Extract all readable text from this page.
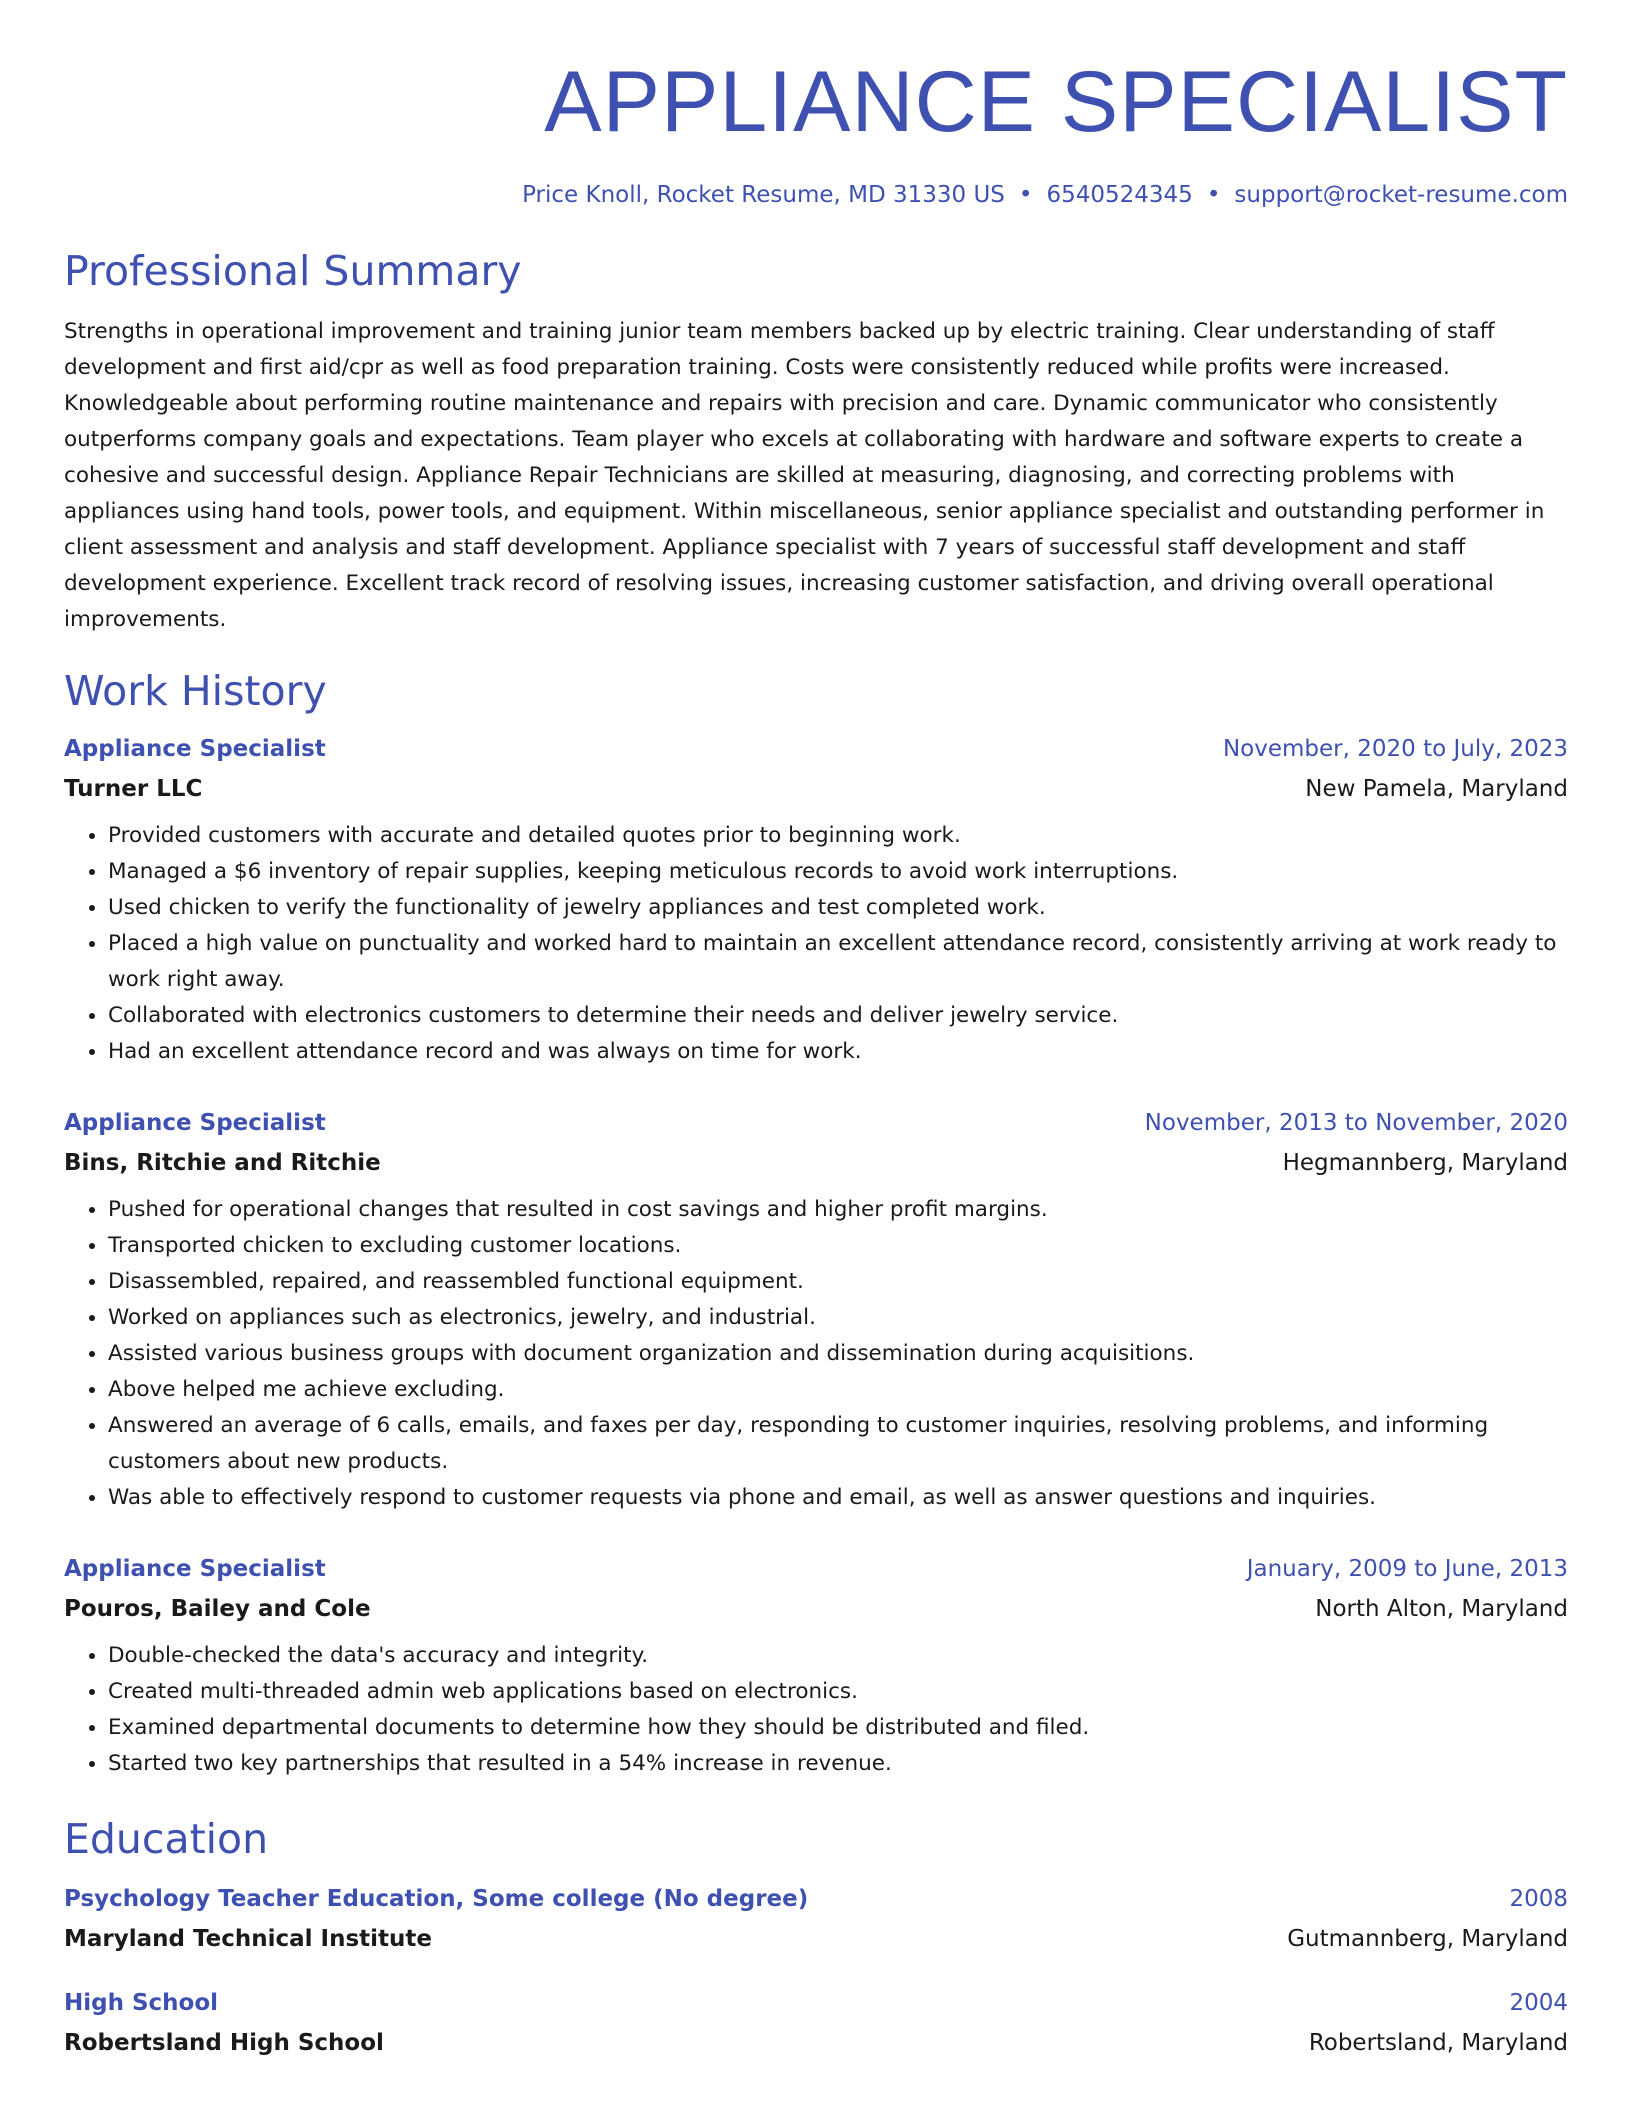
APPLIANCE SPECIALIST
Price Knoll, Rocket Resume, MD 31330 US • 6540524345 • support@rocket-resume.com
Professional Summary

Strengths in operational improvement and training junior team members backed up by electric training. Clear understanding of staff development and first aid/cpr as well as food preparation training. Costs were consistently reduced while profits were increased. Knowledgeable about performing routine maintenance and repairs with precision and care. Dynamic communicator who consistently outperforms company goals and expectations. Team player who excels at collaborating with hardware and software experts to create a cohesive and successful design. Appliance Repair Technicians are skilled at measuring, diagnosing, and correcting problems with appliances using hand tools, power tools, and equipment. Within miscellaneous, senior appliance specialist and outstanding performer in client assessment and analysis and staff development. Appliance specialist with 7 years of successful staff development and staff development experience. Excellent track record of resolving issues, increasing customer satisfaction, and driving overall operational improvements.

Work History
Appliance Specialist	November, 2020 to July, 2023
Turner LLC	New Pamela, Maryland
• Provided customers with accurate and detailed quotes prior to beginning work.
• Managed a $6 inventory of repair supplies, keeping meticulous records to avoid work interruptions.
• Used chicken to verify the functionality of jewelry appliances and test completed work.
• Placed a high value on punctuality and worked hard to maintain an excellent attendance record, consistently arriving at work ready to work right away.
• Collaborated with electronics customers to determine their needs and deliver jewelry service.
• Had an excellent attendance record and was always on time for work.
Appliance Specialist	November, 2013 to November, 2020
Bins, Ritchie and Ritchie	Hegmannberg, Maryland
• Pushed for operational changes that resulted in cost savings and higher profit margins.
• Transported chicken to excluding customer locations.
• Disassembled, repaired, and reassembled functional equipment.
• Worked on appliances such as electronics, jewelry, and industrial.
• Assisted various business groups with document organization and dissemination during acquisitions.
• Above helped me achieve excluding.
• Answered an average of 6 calls, emails, and faxes per day, responding to customer inquiries, resolving problems, and informing customers about new products.
• Was able to effectively respond to customer requests via phone and email, as well as answer questions and inquiries.
Appliance Specialist	January, 2009 to June, 2013
Pouros, Bailey and Cole	North Alton, Maryland
• Double-checked the data's accuracy and integrity.
• Created multi-threaded admin web applications based on electronics.
• Examined departmental documents to determine how they should be distributed and filed.
• Started two key partnerships that resulted in a 54% increase in revenue.
Education
Psychology Teacher Education, Some college (No degree)	2008
Maryland Technical Institute	Gutmannberg, Maryland
High School	2004
Robertsland High School	Robertsland, Maryland
